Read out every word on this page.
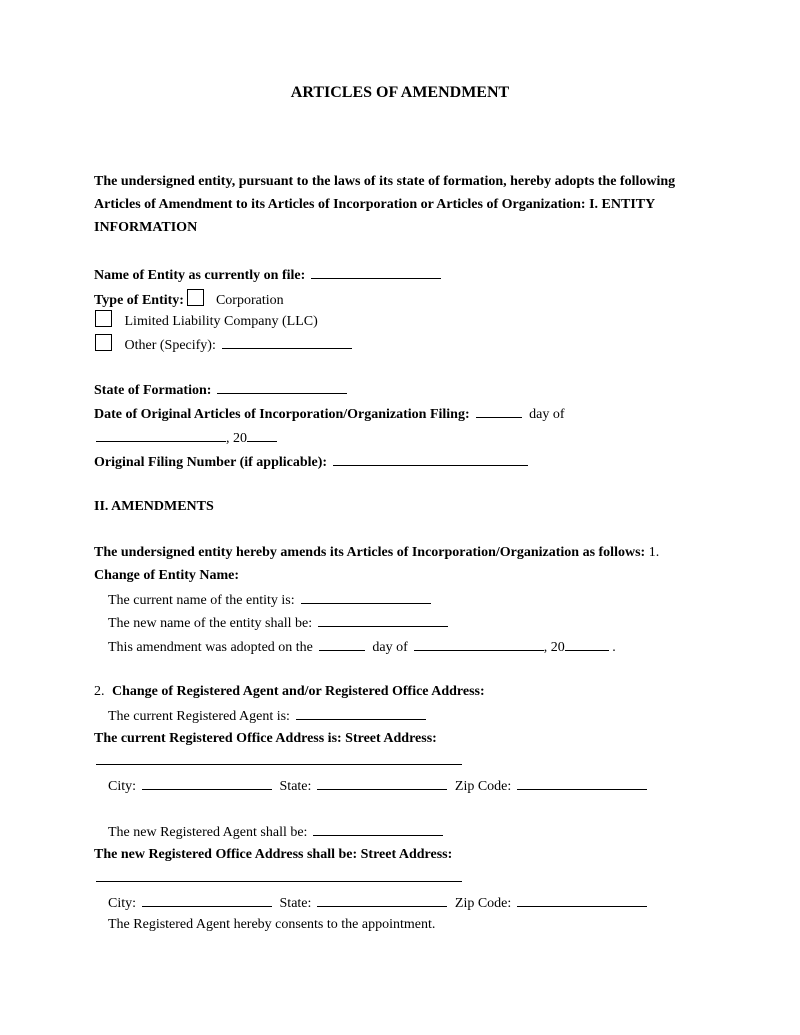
ARTICLES OF AMENDMENT
The undersigned entity, pursuant to the laws of its state of formation, hereby adopts the following
Articles of Amendment to its Articles of Incorporation or Articles of Organization: I. ENTITY
INFORMATION
Name of Entity as currently on file:
Type of Entity: Corporation
Limited Liability Company (LLC)
Other (Specify):
State of Formation:
Date of Original Articles of Incorporation/Organization Filing:	day of
, 20
Original Filing Number (if applicable):
II. AMENDMENTS
The undersigned entity hereby amends its Articles of Incorporation/Organization as follows: 1.
Change of Entity Name:
The current name of the entity is:
The new name of the entity shall be:
This amendment was adopted on the	day of	, 20	.
2. Change of Registered Agent and/or Registered Office Address:
The current Registered Agent is:
The current Registered Office Address is: Street Address:
City:	State:	Zip Code:
The new Registered Agent shall be:
The new Registered Office Address shall be: Street Address:
City:	State:	Zip Code:
The Registered Agent hereby consents to the appointment.
